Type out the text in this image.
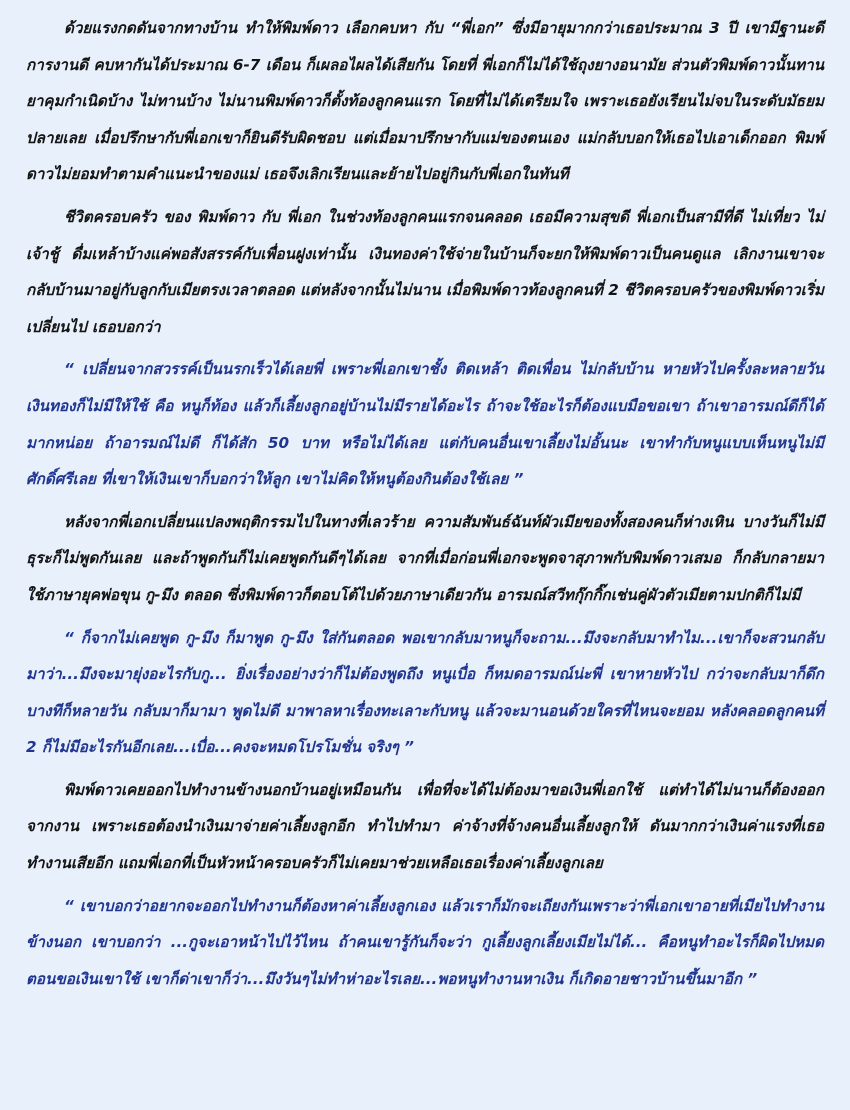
ด้วยแรงกดดันจากทางบ้าน ทำให้พิมพ์ดาว เลือกคบหา กับ “พี่เอก” ซึ่งมีอายุมากกว่าเธอประมาณ 3 ปี เขามีฐานะดี การงานดี คบหากันได้ประมาณ 6-7 เดือน ก็เผลอไผลได้เสียกัน โดยที่ พี่เอกก็ไม่ได้ใช้ถุงยางอนามัย ส่วนตัวพิมพ์ดาวนั้นทานยาคุมกำเนิดบ้าง ไม่ทานบ้าง ไม่นานพิมพ์ดาวก็ตั้งท้องลูกคนแรก โดยที่ไม่ได้เตรียมใจ เพราะเธอยังเรียนไม่จบในระดับมัธยมปลายเลย เมื่อปรึกษากับพี่เอกเขาก็ยินดีรับผิดชอบ แต่เมื่อมาปรึกษากับแม่ของตนเอง แม่กลับบอกให้เธอไปเอาเด็กออก พิมพ์ดาวไม่ยอมทำตามคำแนะนำของแม่ เธอจึงเลิกเรียนและย้ายไปอยู่กินกับพี่เอกในทันที

ชีวิตครอบครัว ของ พิมพ์ดาว กับ พี่เอก ในช่วงท้องลูกคนแรกจนคลอด เธอมีความสุขดี พี่เอกเป็นสามีที่ดี ไม่เที่ยว ไม่เจ้าชู้ ดื่มเหล้าบ้างแค่พอสังสรรค์กับเพื่อนฝูงเท่านั้น เงินทองค่าใช้จ่ายในบ้านก็จะยกให้พิมพ์ดาวเป็นคนดูแล เลิกงานเขาจะกลับบ้านมาอยู่กับลูกกับเมียตรงเวลาตลอด แต่หลังจากนั้นไม่นาน เมื่อพิมพ์ดาวท้องลูกคนที่ 2 ชีวิตครอบครัวของพิมพ์ดาวเริ่มเปลี่ยนไป เธอบอกว่า

“ เปลี่ยนจากสวรรค์เป็นนรกเร็วได้เลยพี่ เพราะพี่เอกเขาชั้ง ติดเหล้า ติดเพื่อน ไม่กลับบ้าน หายหัวไปครั้งละหลายวัน เงินทองก็ไม่มีให้ใช้ คือ หนูก็ท้อง แล้วก็เลี้ยงลูกอยู่บ้านไม่มีรายได้อะไร ถ้าจะใช้อะไรก็ต้องแบมือขอเขา ถ้าเขาอารมณ์ดีก็ได้มากหน่อย ถ้าอารมณ์ไม่ดี ก็ได้สัก 50 บาท หรือไม่ได้เลย แต่กับคนอื่นเขาเลี้ยงไม่อั้นนะ เขาทำกับหนูแบบเห็นหนูไม่มีศักดิ์ศรีเลย ที่เขาให้เงินเขาก็บอกว่าให้ลูก เขาไม่คิดให้หนูต้องกินต้องใช้เลย ”

หลังจากพี่เอกเปลี่ยนแปลงพฤติกรรมไปในทางที่เลวร้าย ความสัมพันธ์ฉันท์ผัวเมียของทั้งสองคนก็ห่างเหิน บางวันก็ไม่มีธุระก็ไม่พูดกันเลย และถ้าพูดกันก็ไม่เคยพูดกันดีๆได้เลย จากที่เมื่อก่อนพี่เอกจะพูดจาสุภาพกับพิมพ์ดาวเสมอ ก็กลับกลายมาใช้ภาษายุคพ่อขุน กู-มึง ตลอด ซึ่งพิมพ์ดาวก็ตอบโต้ไปด้วยภาษาเดียวกัน อารมณ์สวีทกุ๊กกิ๊กเช่นคู่ผัวตัวเมียตามปกติก็ไม่มี

“ ก็จากไม่เคยพูด กู-มึง ก็มาพูด กู-มึง ใส่กันตลอด พอเขากลับมาหนูก็จะถาม...มึงจะกลับมาทำไม...เขาก็จะสวนกลับมาว่า...มึงจะมายุ่งอะไรกับกู... ยิ่งเรื่องอย่างว่าก็ไม่ต้องพูดถึง หนูเบื่อ ก็หมดอารมณ์น่ะพี่ เขาหายหัวไป กว่าจะกลับมาก็ดึก บางทีก็หลายวัน กลับมาก็มามา พูดไม่ดี มาพาลหาเรื่องทะเลาะกับหนู แล้วจะมานอนด้วยใครที่ไหนจะยอม หลังคลอดลูกคนที่ 2 ก็ไม่มีอะไรกันอีกเลย...เบื่อ...คงจะหมดโปรโมชั่น จริงๆ ”

พิมพ์ดาวเคยออกไปทำงานข้างนอกบ้านอยู่เหมือนกัน เพื่อที่จะได้ไม่ต้องมาขอเงินพี่เอกใช้ แต่ทำได้ไม่นานก็ต้องออกจากงาน เพราะเธอต้องนำเงินมาจ่ายค่าเลี้ยงลูกอีก ทำไปทำมา ค่าจ้างที่จ้างคนอื่นเลี้ยงลูกให้ ดันมากกว่าเงินค่าแรงที่เธอทำงานเสียอีก แถมพี่เอกที่เป็นหัวหน้าครอบครัวก็ไม่เคยมาช่วยเหลือเธอเรื่องค่าเลี้ยงลูกเลย

“ เขาบอกว่าอยากจะออกไปทำงานก็ต้องหาค่าเลี้ยงลูกเอง แล้วเราก็มักจะเถียงกันเพราะว่าพี่เอกเขาอายที่เมียไปทำงานข้างนอก เขาบอกว่า ...กูจะเอาหน้าไปไว้ไหน ถ้าคนเขารู้กันก็จะว่า กูเลี้ยงลูกเลี้ยงเมียไม่ได้... คือหนูทำอะไรก็ผิดไปหมด ตอนขอเงินเขาใช้ เขาก็ด่าเขาก็ว่า...มึงวันๆไม่ทำห่าอะไรเลย...พอหนูทำงานหาเงิน ก็เกิดอายชาวบ้านขึ้นมาอีก ”
